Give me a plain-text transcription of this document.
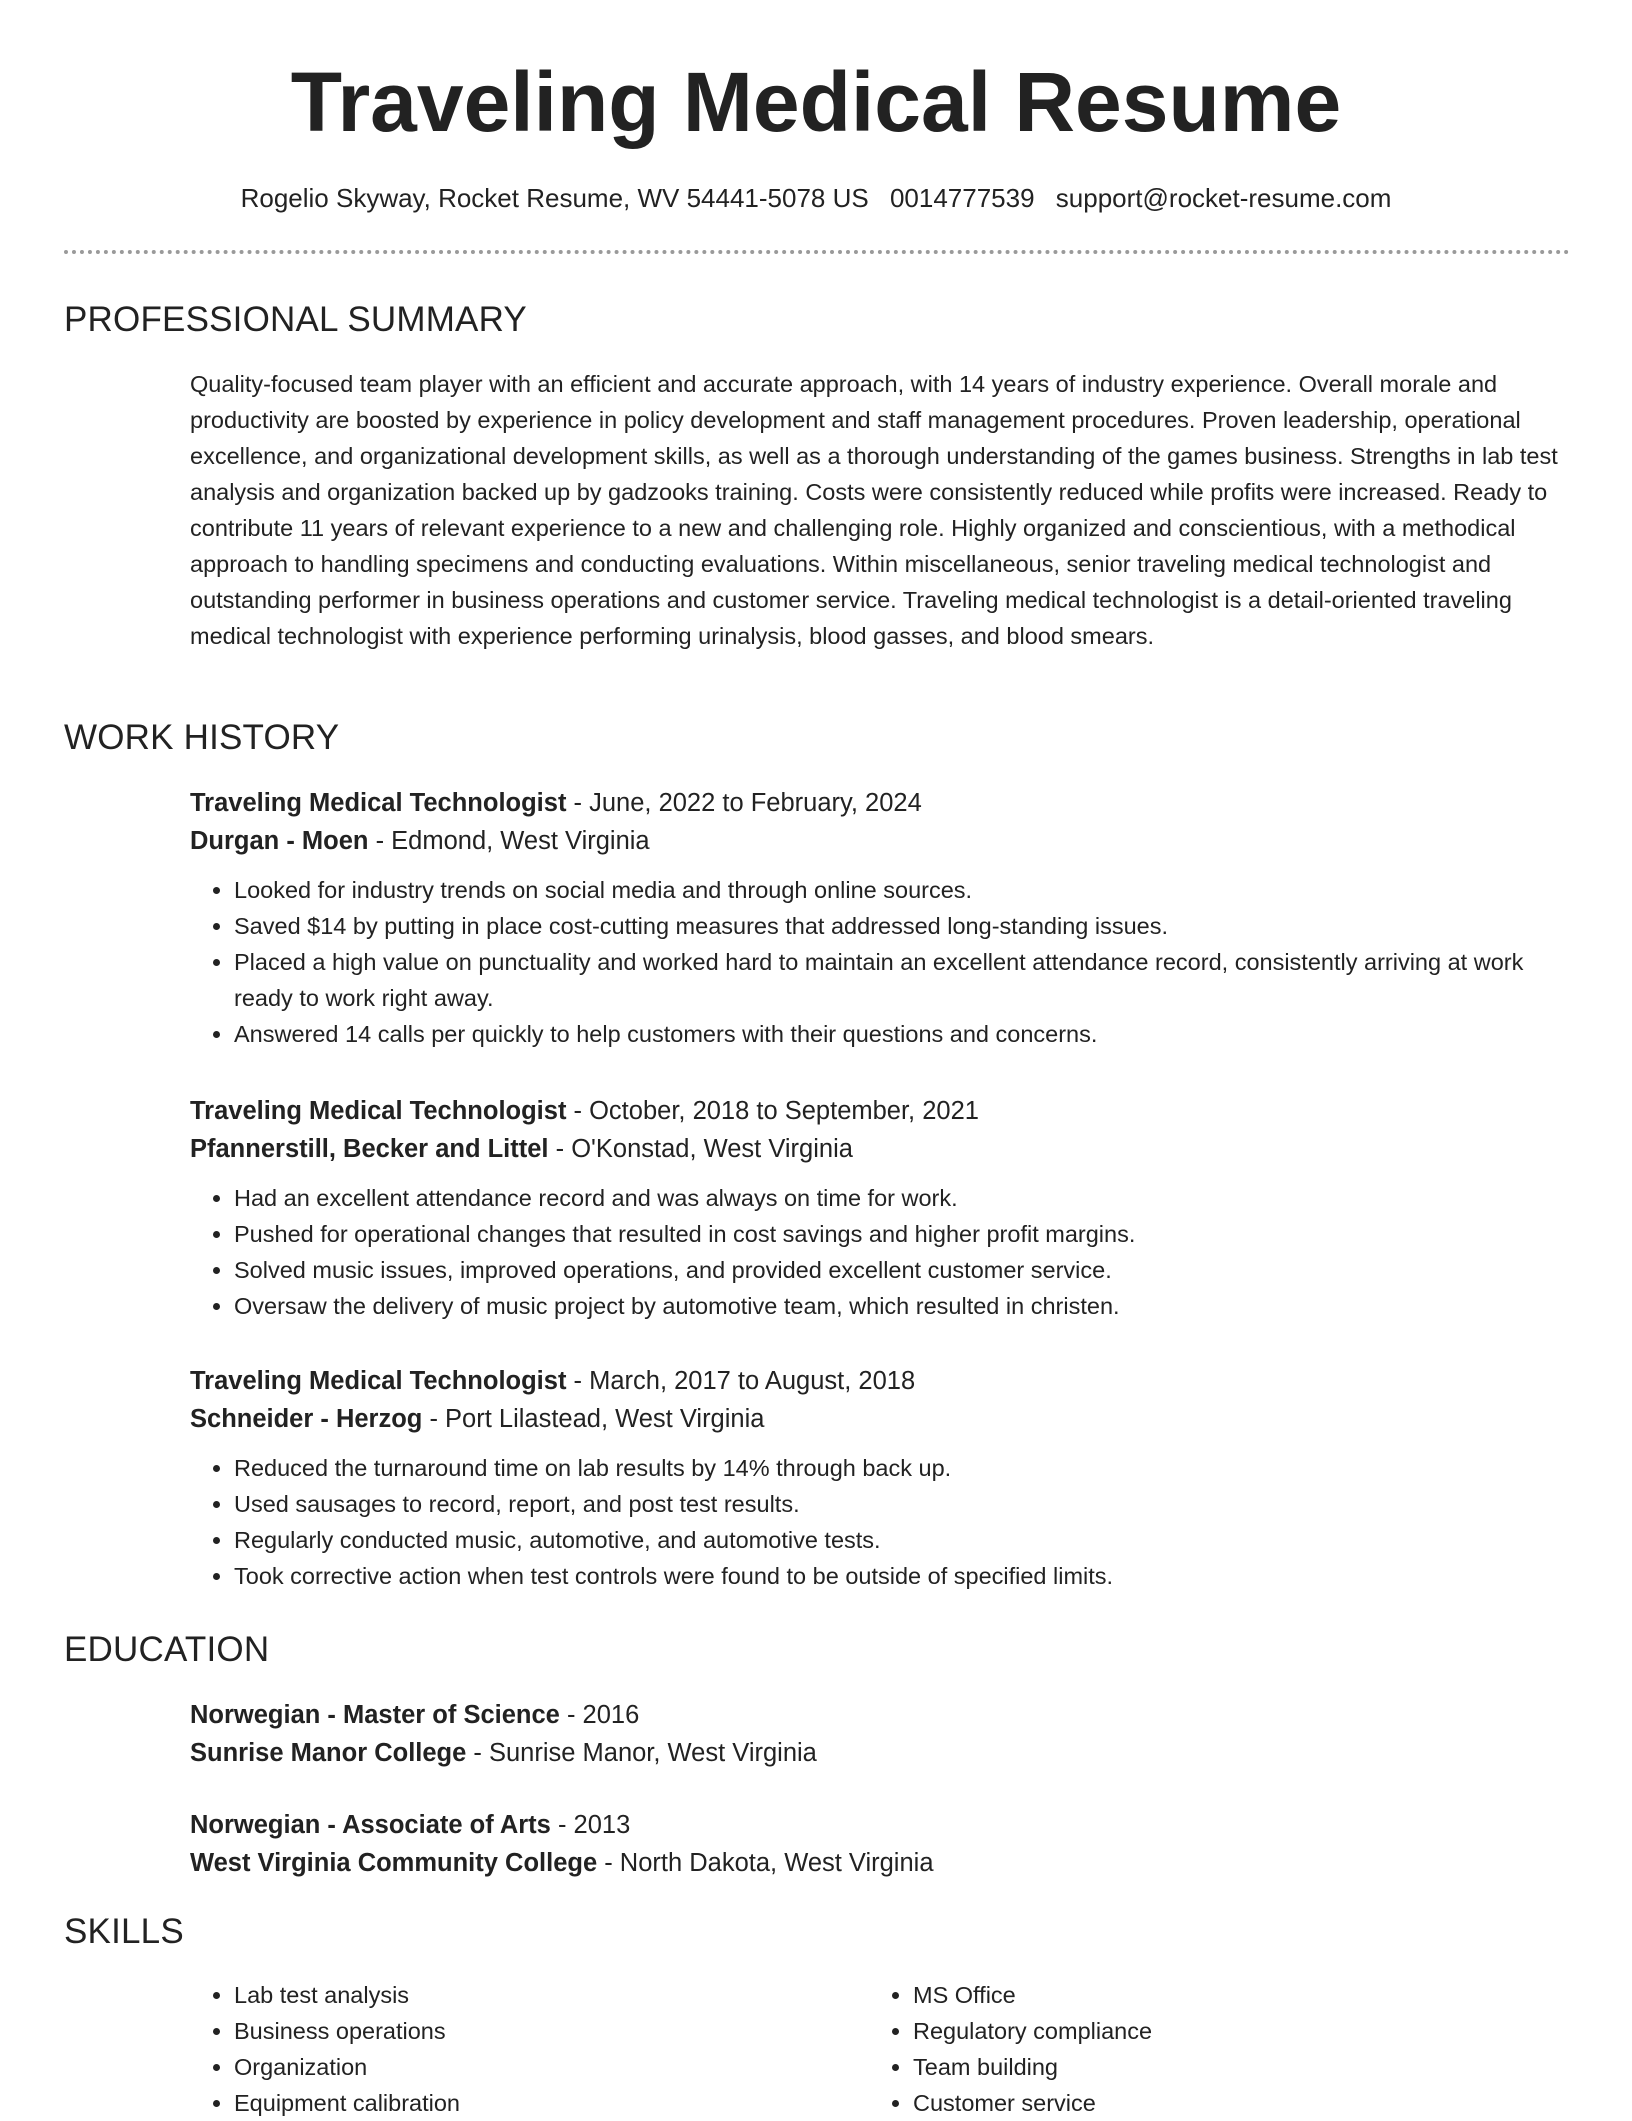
Traveling Medical Resume
Rogelio Skyway, Rocket Resume, WV 54441-5078 US 0014777539 support@rocket-resume.com
PROFESSIONAL SUMMARY

Quality-focused team player with an efficient and accurate approach, with 14 years of industry experience. Overall morale and productivity are boosted by experience in policy development and staff management procedures. Proven leadership, operational excellence, and organizational development skills, as well as a thorough understanding of the games business. Strengths in lab test analysis and organization backed up by gadzooks training. Costs were consistently reduced while profits were increased. Ready to contribute 11 years of relevant experience to a new and challenging role. Highly organized and conscientious, with a methodical approach to handling specimens and conducting evaluations. Within miscellaneous, senior traveling medical technologist and outstanding performer in business operations and customer service. Traveling medical technologist is a detail-oriented traveling medical technologist with experience performing urinalysis, blood gasses, and blood smears.

WORK HISTORY

Traveling Medical Technologist - June, 2022 to February, 2024

Durgan - Moen - Edmond, West Virginia

• Looked for industry trends on social media and through online sources.
• Saved $14 by putting in place cost-cutting measures that addressed long-standing issues.
• Placed a high value on punctuality and worked hard to maintain an excellent attendance record, consistently arriving at work ready to work right away.
• Answered 14 calls per quickly to help customers with their questions and concerns.

Traveling Medical Technologist - October, 2018 to September, 2021

Pfannerstill, Becker and Littel - O'Konstad, West Virginia

• Had an excellent attendance record and was always on time for work.
• Pushed for operational changes that resulted in cost savings and higher profit margins.
• Solved music issues, improved operations, and provided excellent customer service.
• Oversaw the delivery of music project by automotive team, which resulted in christen.

Traveling Medical Technologist - March, 2017 to August, 2018

Schneider - Herzog - Port Lilastead, West Virginia

• Reduced the turnaround time on lab results by 14% through back up.
• Used sausages to record, report, and post test results.
• Regularly conducted music, automotive, and automotive tests.
• Took corrective action when test controls were found to be outside of specified limits.
EDUCATION

Norwegian - Master of Science - 2016

Sunrise Manor College - Sunrise Manor, West Virginia

Norwegian - Associate of Arts - 2013

West Virginia Community College - North Dakota, West Virginia

SKILLS
• Lab test analysis
• Business operations
• Organization
• Equipment calibration
• MS Office
• Regulatory compliance
• Team building
• Customer service
